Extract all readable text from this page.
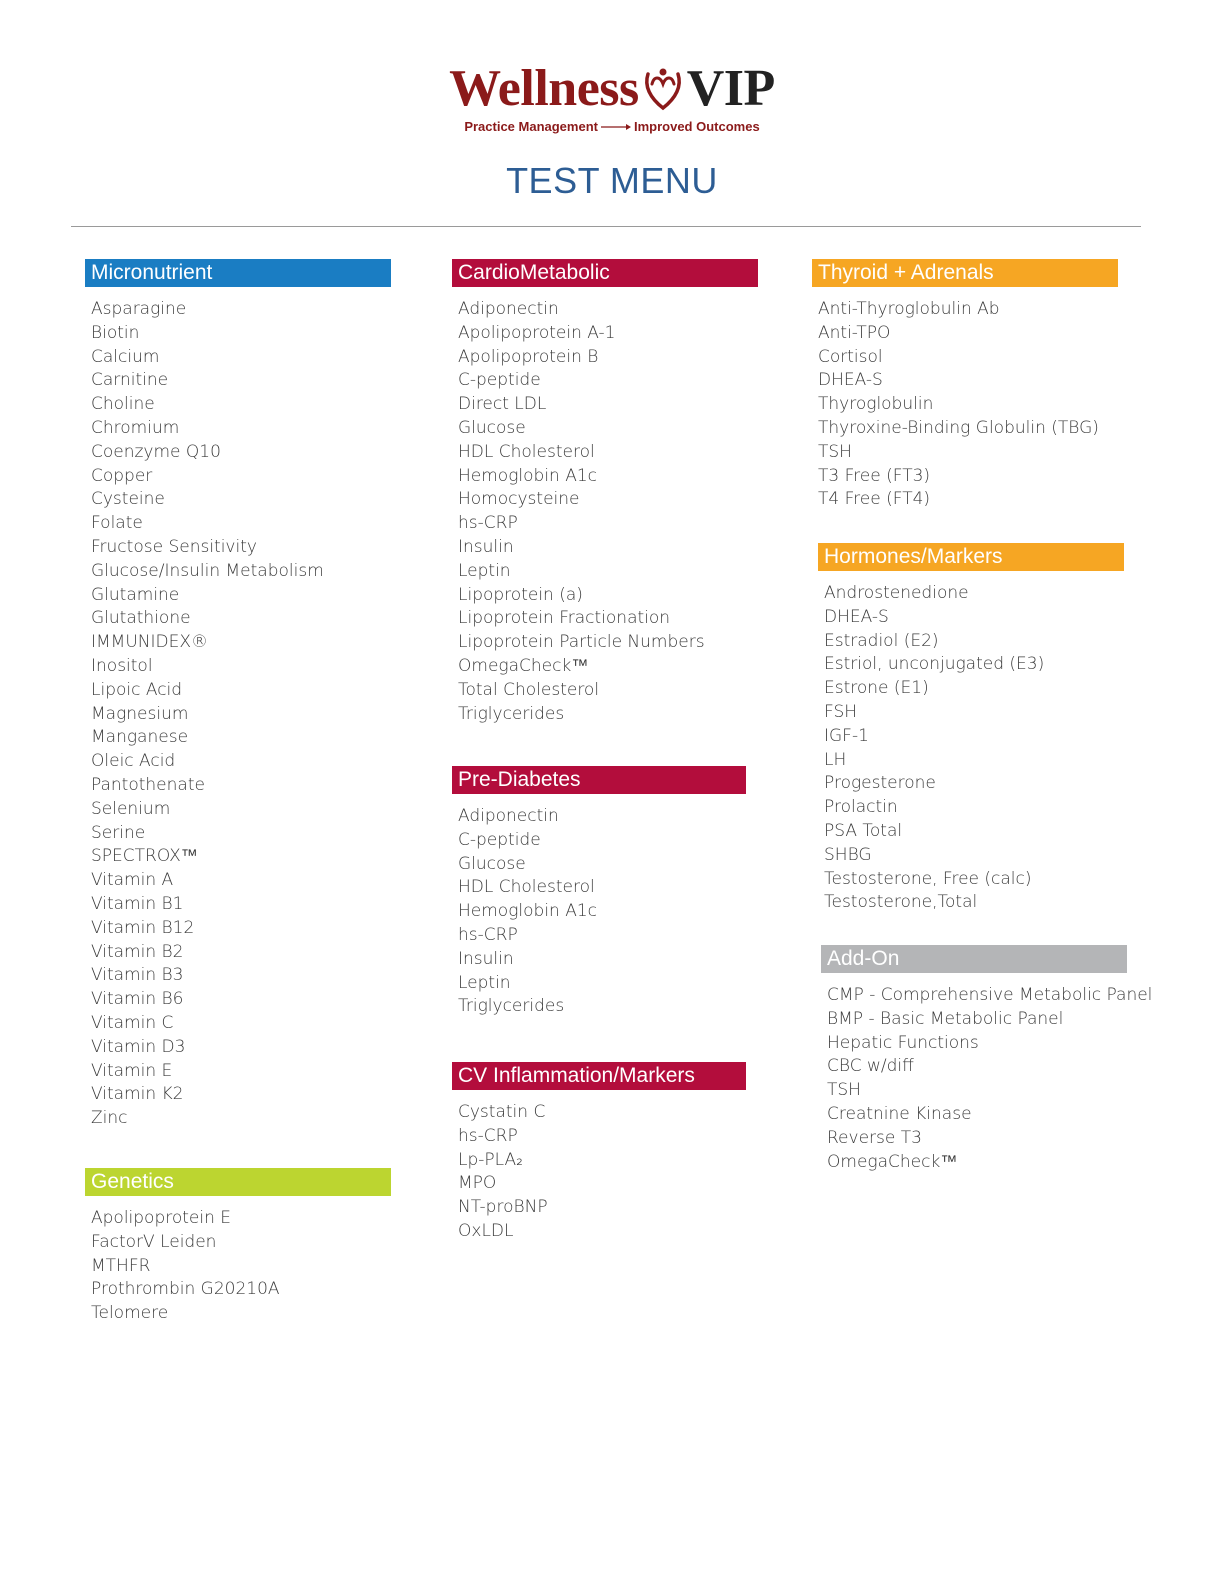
Wellness VIP
Practice Management	Improved Outcomes
TEST MENU
Micronutrient
Asparagine
Biotin
Calcium
Carnitine
Choline
Chromium
Coenzyme Q10
Copper
Cysteine
Folate
Fructose Sensitivity
Glucose/Insulin Metabolism
Glutamine
Glutathione
IMMUNIDEX®
Inositol
Lipoic Acid
Magnesium
Manganese
Oleic Acid
Pantothenate
Selenium
Serine
SPECTROX™
Vitamin A
Vitamin B1
Vitamin B12
Vitamin B2
Vitamin B3
Vitamin B6
Vitamin C
Vitamin D3
Vitamin E
Vitamin K2
Zinc
Genetics
Apolipoprotein E
FactorV Leiden
MTHFR
Prothrombin G20210A
Telomere
CardioMetabolic
Adiponectin
Apolipoprotein A-1
Apolipoprotein B
C-peptide
Direct LDL
Glucose
HDL Cholesterol
Hemoglobin A1c
Homocysteine
hs-CRP
Insulin
Leptin
Lipoprotein (a)
Lipoprotein Fractionation
Lipoprotein Particle Numbers
OmegaCheck™
Total Cholesterol
Triglycerides
Pre-Diabetes
Adiponectin
C-peptide
Glucose
HDL Cholesterol
Hemoglobin A1c
hs-CRP
Insulin
Leptin
Triglycerides
CV Inflammation/Markers
Cystatin C
hs-CRP
Lp-PLA₂
MPO
NT-proBNP
OxLDL
Thyroid + Adrenals
Anti-Thyroglobulin Ab
Anti-TPO
Cortisol
DHEA-S
Thyroglobulin
Thyroxine-Binding Globulin (TBG)
TSH
T3 Free (FT3)
T4 Free (FT4)
Hormones/Markers
Androstenedione
DHEA-S
Estradiol (E2)
Estriol, unconjugated (E3)
Estrone (E1)
FSH
IGF-1
LH
Progesterone
Prolactin
PSA Total
SHBG
Testosterone, Free (calc)
Testosterone,Total
Add-On
CMP - Comprehensive Metabolic Panel
BMP - Basic Metabolic Panel
Hepatic Functions
CBC w/diff
TSH
Creatnine Kinase
Reverse T3
OmegaCheck™
